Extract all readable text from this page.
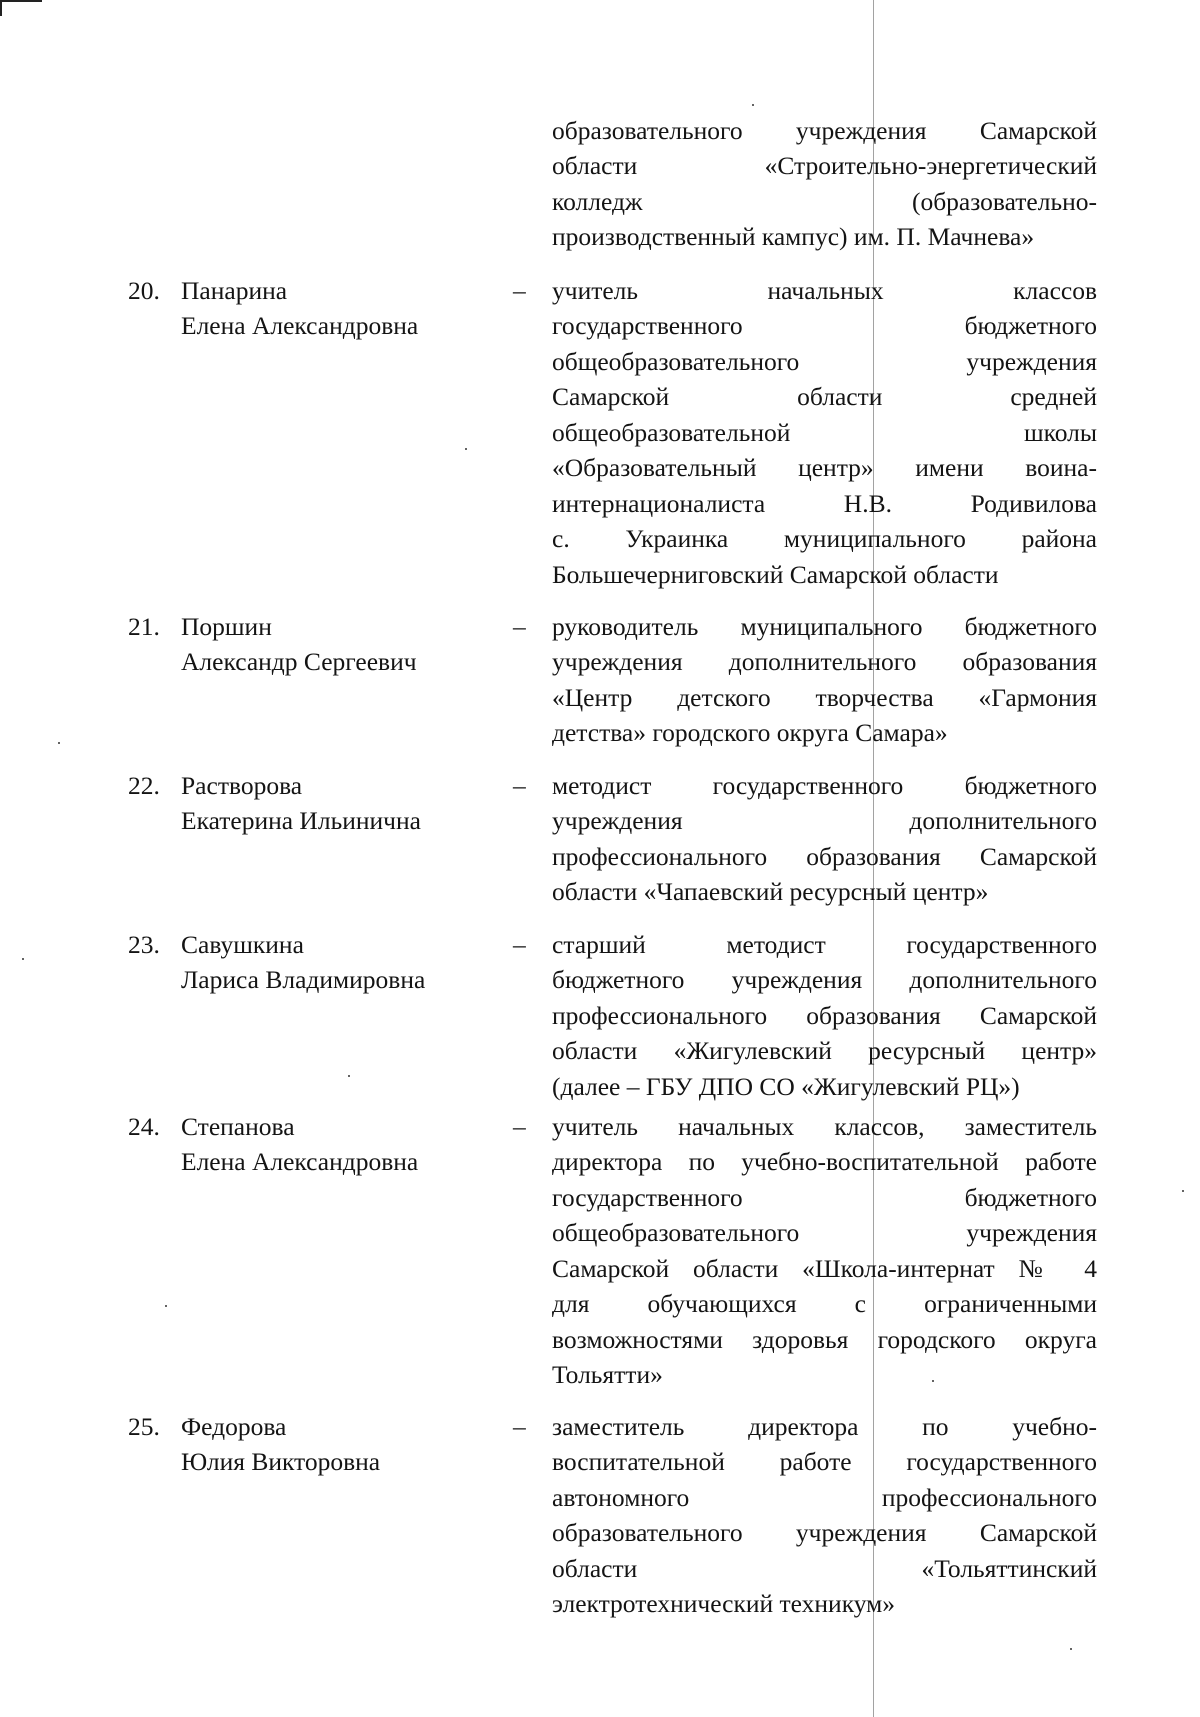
образовательного учреждения Самарской
области «Строительно-энергетический
колледж (образовательно-
производственный кампус) им. П. Мачнева»
20. Панарина
Елена Александровна
– учитель начальных классов
государственного бюджетного
общеобразовательного учреждения
Самарской области средней
общеобразовательной школы
«Образовательный центр» имени воина-
интернационалиста Н.В. Родивилова
с. Украинка муниципального района
Большечерниговский Самарской области
21. Поршин
Александр Сергеевич
– руководитель муниципального бюджетного
учреждения дополнительного образования
«Центр детского творчества «Гармония
детства» городского округа Самара»
22. Растворова
Екатерина Ильинична
– методист государственного бюджетного
учреждения дополнительного
профессионального образования Самарской
области «Чапаевский ресурсный центр»
23. Савушкина
Лариса Владимировна
– старший методист государственного
бюджетного учреждения дополнительного
профессионального образования Самарской
области «Жигулевский ресурсный центр»
(далее – ГБУ ДПО СО «Жигулевский РЦ»)
24. Степанова
Елена Александровна
– учитель начальных классов, заместитель
директора по учебно-воспитательной работе
государственного бюджетного
общеобразовательного учреждения
Самарской области «Школа-интернат № 4
для обучающихся с ограниченными
возможностями здоровья городского округа
Тольятти»
25. Федорова
Юлия Викторовна
– заместитель директора по учебно-
воспитательной работе государственного
автономного профессионального
образовательного учреждения Самарской
области «Тольяттинский
электротехнический техникум»
